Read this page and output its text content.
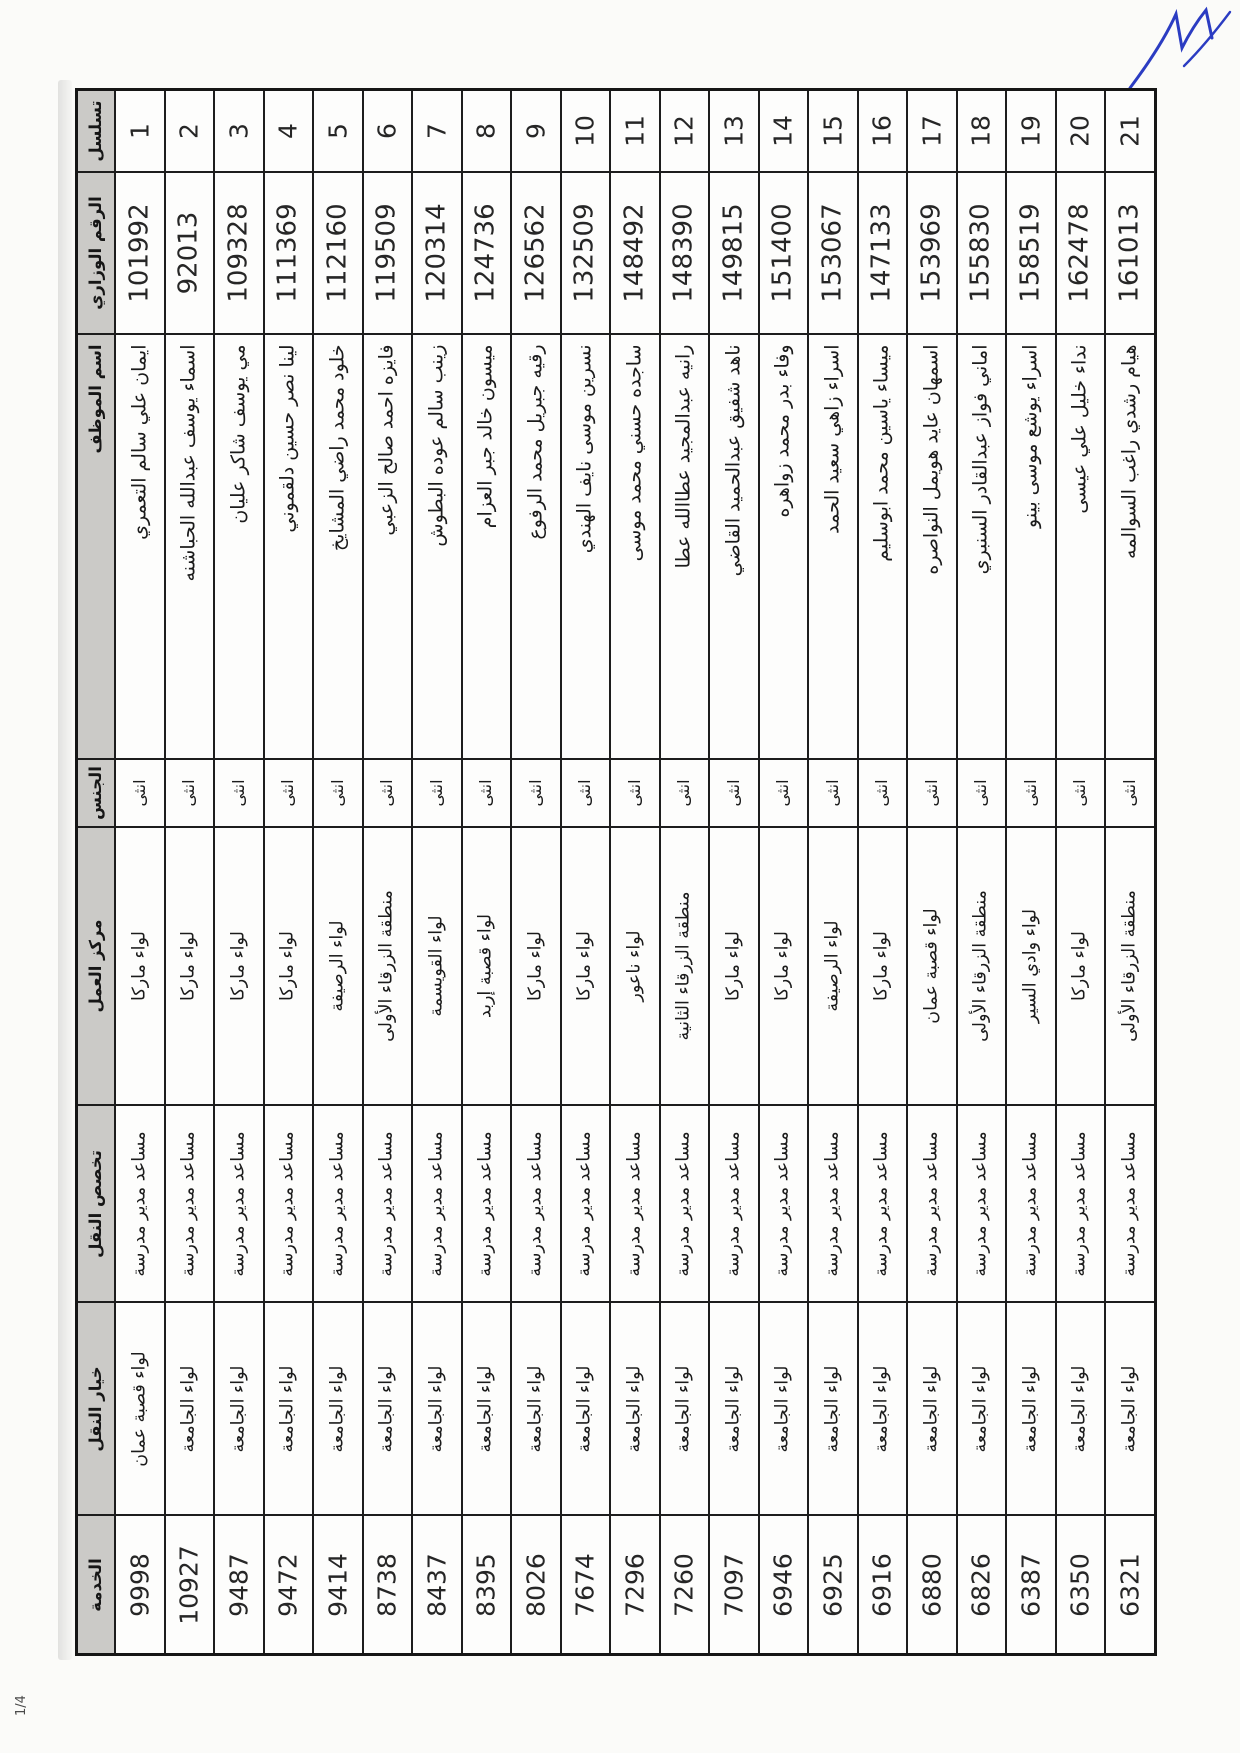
تسلسل
الرقم الوزاري
اسم الموظف
الجنس
مركز العمل
تخصص النقل
خيار النقل
الخدمة
1
101992
ايمان علي سالم التعمري
انثى
لواء ماركا
مساعد مدير مدرسة
لواء قصبة عمان
9998
2
92013
اسماء يوسف عبدالله الحباشنه
انثى
لواء ماركا
مساعد مدير مدرسة
لواء الجامعة
10927
3
109328
مي يوسف شاكر عليان
انثى
لواء ماركا
مساعد مدير مدرسة
لواء الجامعة
9487
4
111369
لينا نصر حسين دلقموني
انثى
لواء ماركا
مساعد مدير مدرسة
لواء الجامعة
9472
5
112160
خلود محمد راضي المشايخ
انثى
لواء الرصيفة
مساعد مدير مدرسة
لواء الجامعة
9414
6
119509
فايزه احمد صالح الزعبي
انثى
منطقة الزرقاء الأولى
مساعد مدير مدرسة
لواء الجامعة
8738
7
120314
زينب سالم عوده البطوش
انثى
لواء القويسمة
مساعد مدير مدرسة
لواء الجامعة
8437
8
124736
ميسون خالد جبر العزام
انثى
لواء قصبة إربد
مساعد مدير مدرسة
لواء الجامعة
8395
9
126562
رقيه جبريل محمد الرفوع
انثى
لواء ماركا
مساعد مدير مدرسة
لواء الجامعة
8026
10
132509
نسرين موسى نايف الهندي
انثى
لواء ماركا
مساعد مدير مدرسة
لواء الجامعة
7674
11
148492
ساجده حسني محمد موسى
انثى
لواء ناعور
مساعد مدير مدرسة
لواء الجامعة
7296
12
148390
رانيه عبدالمجيد عطاالله عطا
انثى
منطقة الزرقاء الثانية
مساعد مدير مدرسة
لواء الجامعة
7260
13
149815
ناهد شفيق عبدالحميد القاضي
انثى
لواء ماركا
مساعد مدير مدرسة
لواء الجامعة
7097
14
151400
وفاء بدر محمد زواهره
انثى
لواء ماركا
مساعد مدير مدرسة
لواء الجامعة
6946
15
153067
اسراء زاهي سعيد الحمد
انثى
لواء الرصيفة
مساعد مدير مدرسة
لواء الجامعة
6925
16
147133
ميساء ياسين محمد ابوسليم
انثى
لواء ماركا
مساعد مدير مدرسة
لواء الجامعة
6916
17
153969
اسمهان عايد هويمل النواصره
انثى
لواء قصبة عمان
مساعد مدير مدرسة
لواء الجامعة
6880
18
155830
اماني فواز عبدالقادر السنبري
انثى
منطقة الزرقاء الأولى
مساعد مدير مدرسة
لواء الجامعة
6826
19
158519
اسراء يوشع موسى بينو
انثى
لواء وادي السير
مساعد مدير مدرسة
لواء الجامعة
6387
20
162478
نداء خليل علي عيسى
انثى
لواء ماركا
مساعد مدير مدرسة
لواء الجامعة
6350
21
161013
هيام رشدي راغب السوالمه
انثى
منطقة الزرقاء الأولى
مساعد مدير مدرسة
لواء الجامعة
6321
1/4
